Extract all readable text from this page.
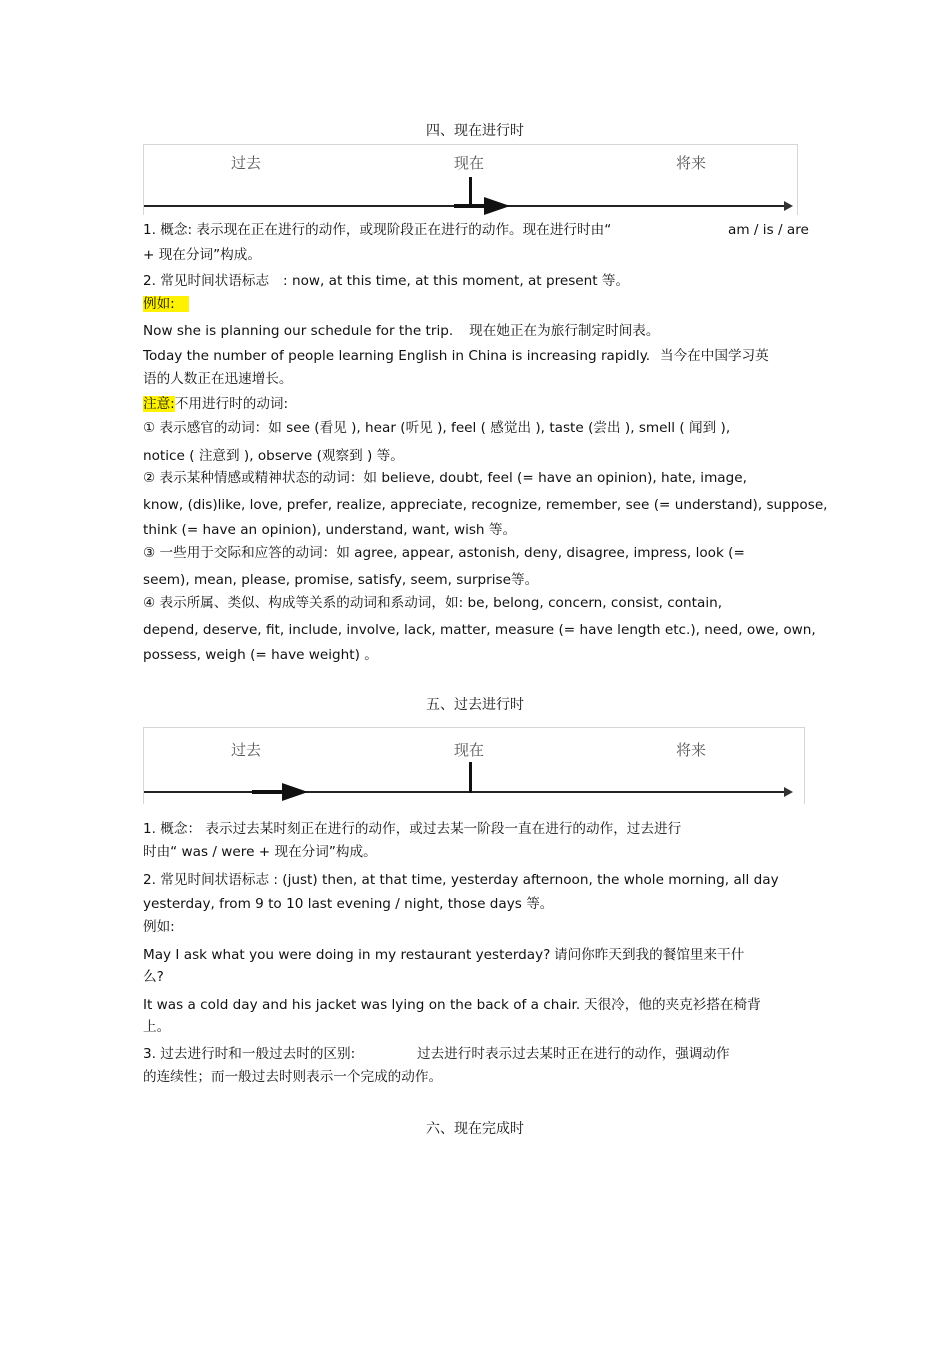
四、现在进行时
过去	现在	将来
1. 概念: 表示现在正在进行的动作，或现阶段正在进行的动作。现在进行时由“	am / is / are
+ 现在分词”构成。
2. 常见时间状语标志 : now, at this time, at this moment, at present 等。
例如:
Now she is planning our schedule for the trip. 现在她正在为旅行制定时间表。
Today the number of people learning English in China is increasing rapidly. 当今在中国学习英
语的人数正在迅速增长。
注意:不用进行时的动词:
① 表示感官的动词：如 see (看见 ), hear (听见 ), feel ( 感觉出 ), taste (尝出 ), smell ( 闻到 ),
notice ( 注意到 ), observe (观察到 ) 等。
② 表示某种情感或精神状态的动词：如 believe, doubt, feel (= have an opinion), hate, image,
know, (dis)like, love, prefer, realize, appreciate, recognize, remember, see (= understand), suppose,
think (= have an opinion), understand, want, wish 等。
③ 一些用于交际和应答的动词：如 agree, appear, astonish, deny, disagree, impress, look (=
seem), mean, please, promise, satisfy, seem, surprise等。
④ 表示所属、类似、构成等关系的动词和系动词，如: be, belong, concern, consist, contain,
depend, deserve, fit, include, involve, lack, matter, measure (= have length etc.), need, owe, own,
possess, weigh (= have weight) 。
五、过去进行时
过去	现在	将来
1. 概念： 表示过去某时刻正在进行的动作，或过去某一阶段一直在进行的动作，过去进行
时由“ was / were + 现在分词”构成。
2. 常见时间状语标志 : (just) then, at that time, yesterday afternoon, the whole morning, all day
yesterday, from 9 to 10 last evening / night, those days 等。
例如:
May I ask what you were doing in my restaurant yesterday? 请问你昨天到我的餐馆里来干什
么?
It was a cold day and his jacket was lying on the back of a chair. 天很冷，他的夹克衫搭在椅背
上。
3. 过去进行时和一般过去时的区别:	过去进行时表示过去某时正在进行的动作，强调动作
的连续性；而一般过去时则表示一个完成的动作。
六、现在完成时
